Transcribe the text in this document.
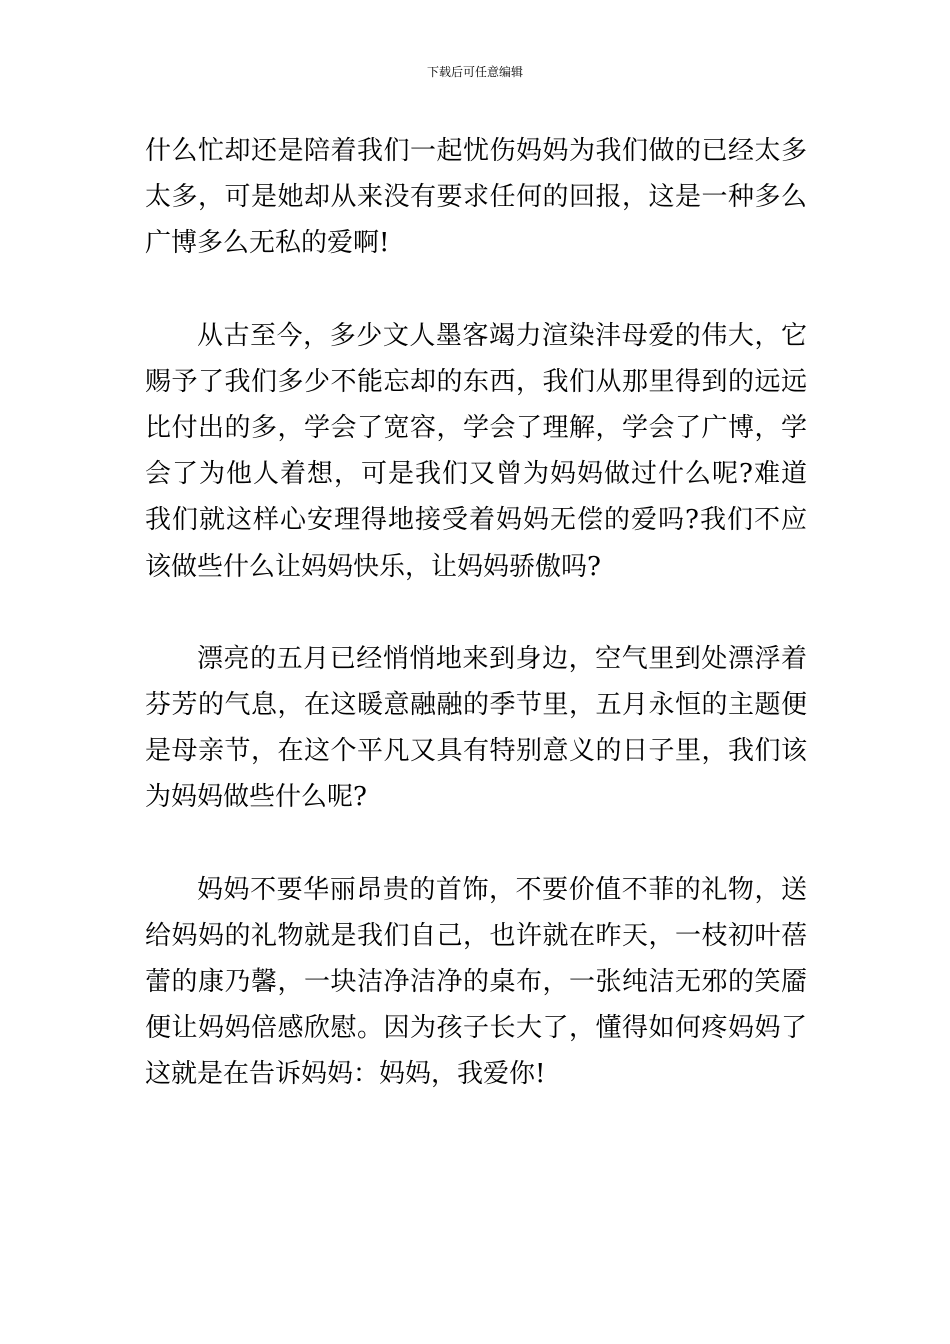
下载后可任意编辑

什么忙却还是陪着我们一起忧伤妈妈为我们做的已经太多太多，可是她却从来没有要求任何的回报，这是一种多么广博多么无私的爱啊!

从古至今，多少文人墨客竭力渲染沣母爱的伟大，它赐予了我们多少不能忘却的东西，我们从那里得到的远远比付出的多，学会了宽容，学会了理解，学会了广博，学会了为他人着想，可是我们又曾为妈妈做过什么呢?难道我们就这样心安理得地接受着妈妈无偿的爱吗?我们不应该做些什么让妈妈快乐，让妈妈骄傲吗?

漂亮的五月已经悄悄地来到身边，空气里到处漂浮着芬芳的气息，在这暖意融融的季节里，五月永恒的主题便是母亲节，在这个平凡又具有特别意义的日子里，我们该为妈妈做些什么呢?

妈妈不要华丽昂贵的首饰，不要价值不菲的礼物，送给妈妈的礼物就是我们自己，也许就在昨天，一枝初叶蓓蕾的康乃馨，一块洁净洁净的桌布，一张纯洁无邪的笑靥便让妈妈倍感欣慰。因为孩子长大了，懂得如何疼妈妈了这就是在告诉妈妈：妈妈，我爱你!
